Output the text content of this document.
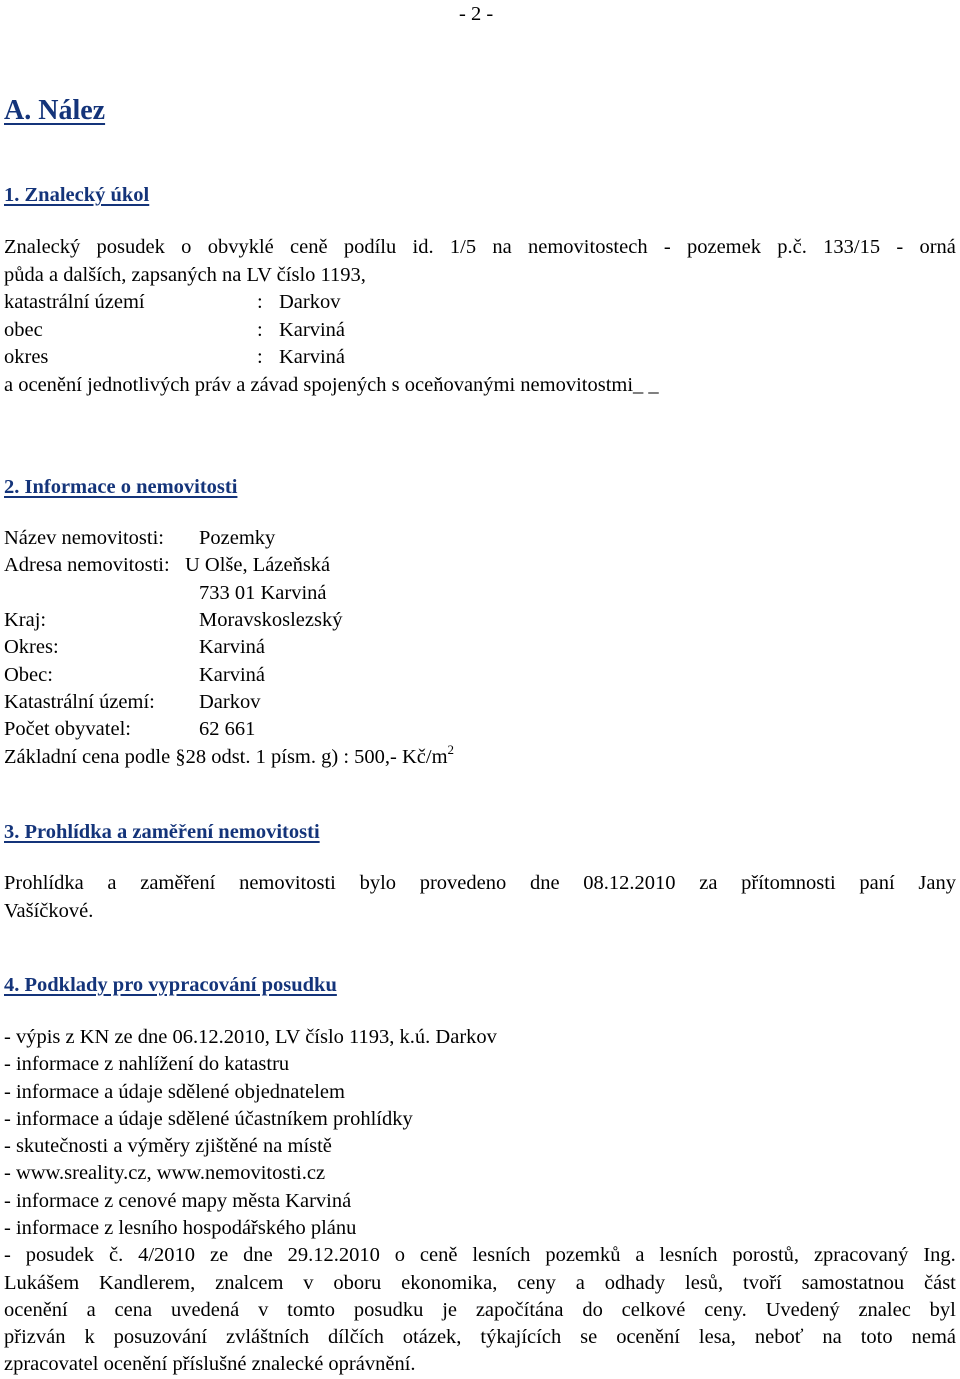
- 2 -
A. Nález
1. Znalecký úkol
Znalecký posudek o obvyklé ceně podílu id. 1/5 na nemovitostech - pozemek p.č. 133/15 - orná
půda a dalších, zapsaných na LV číslo 1193,
katastrální území	: Darkov
obec	: Karviná
okres	: Karviná
a ocenění jednotlivých práv a závad spojených s oceňovanými nemovitostmi_ _
2. Informace o nemovitosti
Název nemovitosti: Pozemky
Adresa nemovitosti: U Olše, Lázeňská
733 01 Karviná
Kraj:	Moravskoslezský
Okres:	Karviná
Obec:	Karviná
Katastrální území: Darkov
Počet obyvatel:	62 661
Základní cena podle §28 odst. 1 písm. g) : 500,- $Kč/m^2$
3. Prohlídka a zaměření nemovitosti
Prohlídka a zaměření nemovitosti bylo provedeno dne 08.12.2010 za přítomnosti paní Jany
Vašíčkové.
4. Podklady pro vypracování posudku
- výpis z KN ze dne 06.12.2010, LV číslo 1193, k.ú. Darkov
- informace z nahlížení do katastru
- informace a údaje sdělené objednatelem
- informace a údaje sdělené účastníkem prohlídky
- skutečnosti a výměry zjištěné na místě
- www.sreality.cz, www.nemovitosti.cz
- informace z cenové mapy města Karviná
- informace z lesního hospodářského plánu
- posudek č. 4/2010 ze dne 29.12.2010 o ceně lesních pozemků a lesních porostů, zpracovaný Ing.
Lukášem Kandlerem, znalcem v oboru ekonomika, ceny a odhady lesů, tvoří samostatnou část
ocenění a cena uvedená v tomto posudku je započítána do celkové ceny. Uvedený znalec byl
přizván k posuzování zvláštních dílčích otázek, týkajících se ocenění lesa, neboť na toto nemá
zpracovatel ocenění příslušné znalecké oprávnění.
